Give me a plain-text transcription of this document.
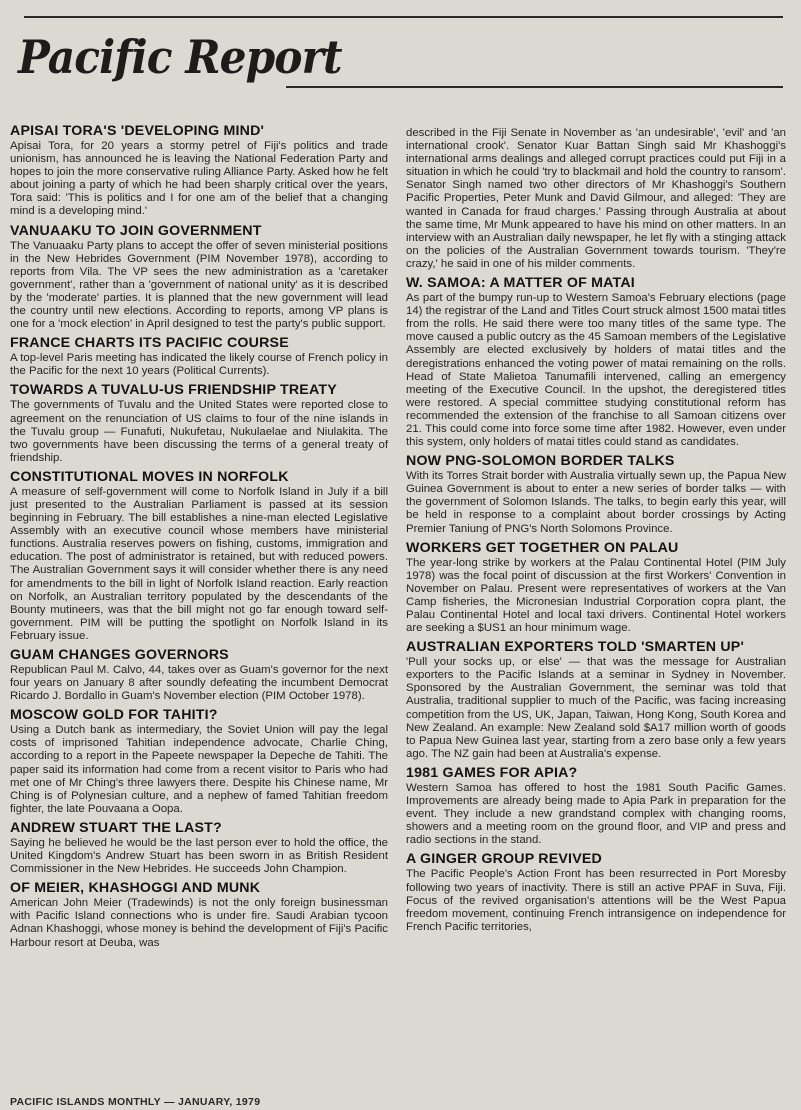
Pacific Report
APISAI TORA'S 'DEVELOPING MIND'

Apisai Tora, for 20 years a stormy petrel of Fiji's politics and trade unionism, has announced he is leaving the National Federation Party and hopes to join the more conservative ruling Alliance Party. Asked how he felt about joining a party of which he had been sharply critical over the years, Tora said: 'This is politics and I for one am of the belief that a changing mind is a developing mind.'

VANUAAKU TO JOIN GOVERNMENT

The Vanuaaku Party plans to accept the offer of seven ministerial positions in the New Hebrides Government (PIM November 1978), according to reports from Vila. The VP sees the new administration as a 'caretaker government', rather than a 'government of national unity' as it is described by the 'moderate' parties. It is planned that the new government will lead the country until new elections. According to reports, among VP plans is one for a 'mock election' in April designed to test the party's public support.

FRANCE CHARTS ITS PACIFIC COURSE

A top-level Paris meeting has indicated the likely course of French policy in the Pacific for the next 10 years (Political Currents).

TOWARDS A TUVALU-US FRIENDSHIP TREATY

The governments of Tuvalu and the United States were reported close to agreement on the renunciation of US claims to four of the nine islands in the Tuvalu group — Funafuti, Nukufetau, Nukulaelae and Niulakita. The two governments have been discussing the terms of a general treaty of friendship.

CONSTITUTIONAL MOVES IN NORFOLK

A measure of self-government will come to Norfolk Island in July if a bill just presented to the Australian Parliament is passed at its session beginning in February. The bill establishes a nine-man elected Legislative Assembly with an executive council whose members have ministerial functions. Australia reserves powers on fishing, customs, immigration and education. The post of administrator is retained, but with reduced powers. The Australian Government says it will consider whether there is any need for amendments to the bill in light of Norfolk Island reaction. Early reaction on Norfolk, an Australian territory populated by the descendants of the Bounty mutineers, was that the bill might not go far enough toward self-government. PIM will be putting the spotlight on Norfolk Island in its February issue.

GUAM CHANGES GOVERNORS

Republican Paul M. Calvo, 44, takes over as Guam's governor for the next four years on January 8 after soundly defeating the incumbent Democrat Ricardo J. Bordallo in Guam's November election (PIM October 1978).

MOSCOW GOLD FOR TAHITI?

Using a Dutch bank as intermediary, the Soviet Union will pay the legal costs of imprisoned Tahitian independence advocate, Charlie Ching, according to a report in the Papeete newspaper la Depeche de Tahiti. The paper said its information had come from a recent visitor to Paris who had met one of Mr Ching's three lawyers there. Despite his Chinese name, Mr Ching is of Polynesian culture, and a nephew of famed Tahitian freedom fighter, the late Pouvaana a Oopa.

ANDREW STUART THE LAST?

Saying he believed he would be the last person ever to hold the office, the United Kingdom's Andrew Stuart has been sworn in as British Resident Commissioner in the New Hebrides. He succeeds John Champion.

OF MEIER, KHASHOGGI AND MUNK

American John Meier (Tradewinds) is not the only foreign businessman with Pacific Island connections who is under fire. Saudi Arabian tycoon Adnan Khashoggi, whose money is behind the development of Fiji's Pacific Harbour resort at Deuba, was

described in the Fiji Senate in November as 'an undesirable', 'evil' and 'an international crook'. Senator Kuar Battan Singh said Mr Khashoggi's international arms dealings and alleged corrupt practices could put Fiji in a situation in which he could 'try to blackmail and hold the country to ransom'. Senator Singh named two other directors of Mr Khashoggi's Southern Pacific Properties, Peter Munk and David Gilmour, and alleged: 'They are wanted in Canada for fraud charges.' Passing through Australia at about the same time, Mr Munk appeared to have his mind on other matters. In an interview with an Australian daily newspaper, he let fly with a stinging attack on the policies of the Australian Government towards tourism. 'They're crazy,' he said in one of his milder comments.

W. SAMOA: A MATTER OF MATAI

As part of the bumpy run-up to Western Samoa's February elections (page 14) the registrar of the Land and Titles Court struck almost 1500 matai titles from the rolls. He said there were too many titles of the same type. The move caused a public outcry as the 45 Samoan members of the Legislative Assembly are elected exclusively by holders of matai titles and the deregistrations enhanced the voting power of matai remaining on the rolls. Head of State Malietoa Tanumafili intervened, calling an emergency meeting of the Executive Council. In the upshot, the deregistered titles were restored. A special committee studying constitutional reform has recommended the extension of the franchise to all Samoan citizens over 21. This could come into force some time after 1982. However, even under this system, only holders of matai titles could stand as candidates.

NOW PNG-SOLOMON BORDER TALKS

With its Torres Strait border with Australia virtually sewn up, the Papua New Guinea Government is about to enter a new series of border talks — with the government of Solomon Islands. The talks, to begin early this year, will be held in response to a complaint about border crossings by Acting Premier Taniung of PNG's North Solomons Province.

WORKERS GET TOGETHER ON PALAU

The year-long strike by workers at the Palau Continental Hotel (PIM July 1978) was the focal point of discussion at the first Workers' Convention in November on Palau. Present were representatives of workers at the Van Camp fisheries, the Micronesian Industrial Corporation copra plant, the Palau Continental Hotel and local taxi drivers. Continental Hotel workers are seeking a $US1 an hour minimum wage.

AUSTRALIAN EXPORTERS TOLD 'SMARTEN UP'

'Pull your socks up, or else' — that was the message for Australian exporters to the Pacific Islands at a seminar in Sydney in November. Sponsored by the Australian Government, the seminar was told that Australia, traditional supplier to much of the Pacific, was facing increasing competition from the US, UK, Japan, Taiwan, Hong Kong, South Korea and New Zealand. An example: New Zealand sold $A17 million worth of goods to Papua New Guinea last year, starting from a zero base only a few years ago. The NZ gain had been at Australia's expense.

1981 GAMES FOR APIA?

Western Samoa has offered to host the 1981 South Pacific Games. Improvements are already being made to Apia Park in preparation for the event. They include a new grandstand complex with changing rooms, showers and a meeting room on the ground floor, and VIP and press and radio sections in the stand.

A GINGER GROUP REVIVED

The Pacific People's Action Front has been resurrected in Port Moresby following two years of inactivity. There is still an active PPAF in Suva, Fiji. Focus of the revived organisation's attentions will be the West Papua freedom movement, continuing French intransigence on independence for French Pacific territories,

PACIFIC ISLANDS MONTHLY — JANUARY, 1979
